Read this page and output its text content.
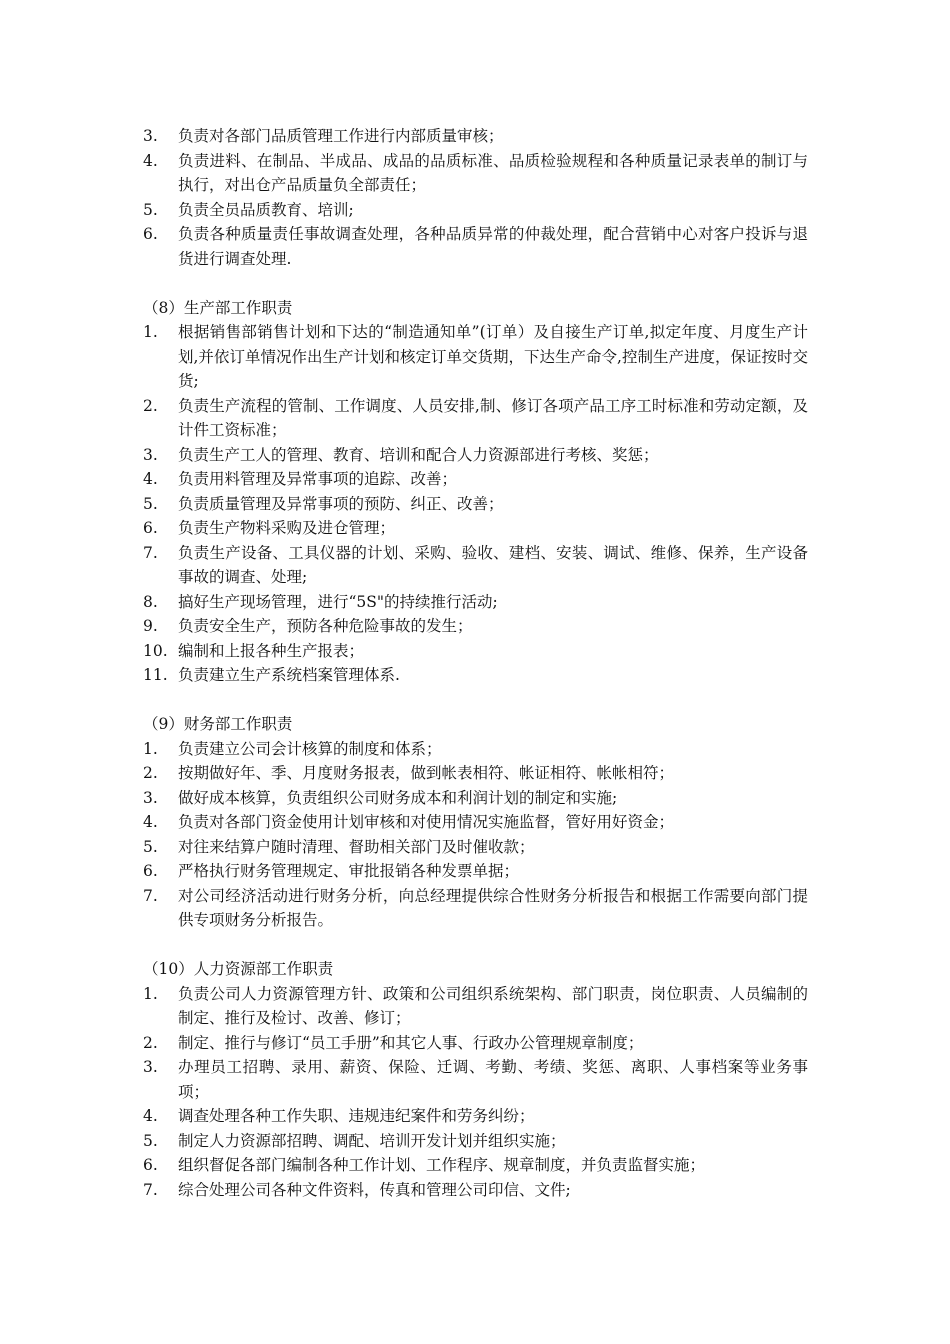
3.	负责对各部门品质管理工作进行内部质量审核；
4.	负责进料、在制品、半成品、成品的品质标准、品质检验规程和各种质量记录表单的制订与执行，对出仓产品质量负全部责任；
5.	负责全员品质教育、培训;
6.	负责各种质量责任事故调查处理，各种品质异常的仲裁处理，配合营销中心对客户投诉与退货进行调查处理.
（8）生产部工作职责
1.	根据销售部销售计划和下达的“制造通知单”(订单）及自接生产订单,拟定年度、月度生产计划,并依订单情况作出生产计划和核定订单交货期，下达生产命令,控制生产进度，保证按时交货;
2.	负责生产流程的管制、工作调度、人员安排,制、修订各项产品工序工时标准和劳动定额，及计件工资标准；
3.	负责生产工人的管理、教育、培训和配合人力资源部进行考核、奖惩；
4.	负责用料管理及异常事项的追踪、改善；
5.	负责质量管理及异常事项的预防、纠正、改善；
6.	负责生产物料采购及进仓管理；
7.	负责生产设备、工具仪器的计划、采购、验收、建档、安装、调试、维修、保养，生产设备事故的调查、处理;
8.	搞好生产现场管理，进行“5S"的持续推行活动;
9.	负责安全生产，预防各种危险事故的发生；
10. 编制和上报各种生产报表；
11. 负责建立生产系统档案管理体系.
（9）财务部工作职责
1.	负责建立公司会计核算的制度和体系；
2.	按期做好年、季、月度财务报表，做到帐表相符、帐证相符、帐帐相符；
3.	做好成本核算，负责组织公司财务成本和利润计划的制定和实施;
4.	负责对各部门资金使用计划审核和对使用情况实施监督，管好用好资金；
5.	对往来结算户随时清理、督助相关部门及时催收款；
6.	严格执行财务管理规定、审批报销各种发票单据；
7.	对公司经济活动进行财务分析，向总经理提供综合性财务分析报告和根据工作需要向部门提供专项财务分析报告。
（10）人力资源部工作职责
1.	负责公司人力资源管理方针、政策和公司组织系统架构、部门职责，岗位职责、人员编制的制定、推行及检讨、改善、修订；
2.	制定、推行与修订“员工手册”和其它人事、行政办公管理规章制度；
3.	办理员工招聘、录用、薪资、保险、迁调、考勤、考绩、奖惩、离职、人事档案等业务事项；
4.	调查处理各种工作失职、违规违纪案件和劳务纠纷；
5.	制定人力资源部招聘、调配、培训开发计划并组织实施；
6.	组织督促各部门编制各种工作计划、工作程序、规章制度，并负责监督实施；
7.	综合处理公司各种文件资料，传真和管理公司印信、文件;
